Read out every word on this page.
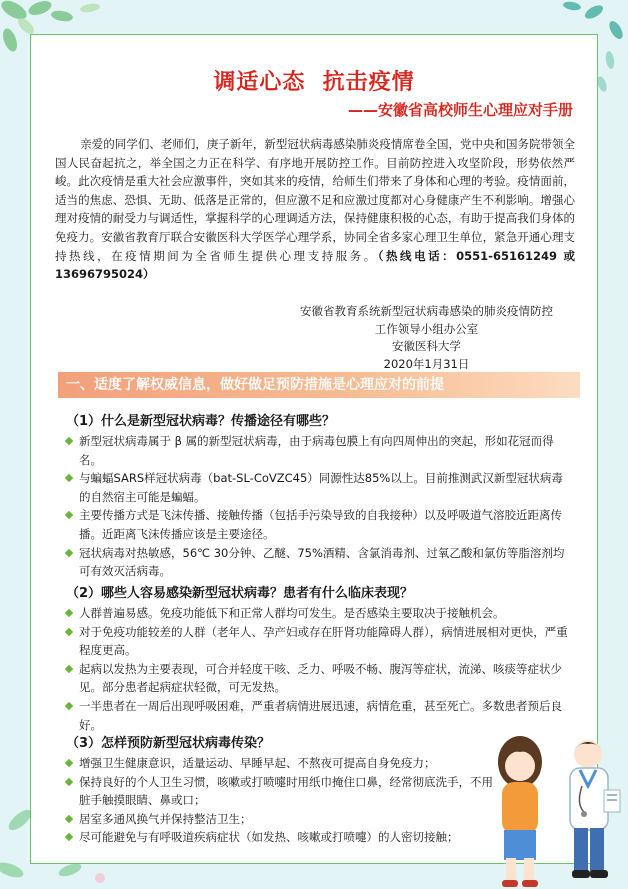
调适心态  抗击疫情
——安徽省高校师生心理应对手册

亲爱的同学们、老师们，庚子新年，新型冠状病毒感染肺炎疫情席卷全国，党中央和国务院带领全国人民奋起抗之，举全国之力正在科学、有序地开展防控工作。目前防控进入攻坚阶段，形势依然严峻。此次疫情是重大社会应激事件，突如其来的疫情，给师生们带来了身体和心理的考验。疫情面前，适当的焦虑、恐惧、无助、低落是正常的，但应激不足和应激过度都对心身健康产生不利影响。增强心理对疫情的耐受力与调适性，掌握科学的心理调适方法，保持健康积极的心态，有助于提高我们身体的免疫力。安徽省教育厅联合安徽医科大学医学心理学系，协同全省多家心理卫生单位，紧急开通心理支持热线，在疫情期间为全省师生提供心理支持服务。（热线电话：0551-65161249 或 13696795024）

安徽省教育系统新型冠状病毒感染的肺炎疫情防控
工作领导小组办公室
安徽医科大学
2020年1月31日
一、适度了解权威信息，做好做足预防措施是心理应对的前提
（1）什么是新型冠状病毒？传播途径有哪些？
新型冠状病毒属于 β 属的新型冠状病毒，由于病毒包膜上有向四周伸出的突起，形如花冠而得名。
与蝙蝠SARS样冠状病毒（bat-SL-CoVZC45）同源性达85%以上。目前推测武汉新型冠状病毒的自然宿主可能是蝙蝠。
主要传播方式是飞沫传播、接触传播（包括手污染导致的自我接种）以及呼吸道气溶胶近距离传播。近距离飞沫传播应该是主要途径。
冠状病毒对热敏感，56℃ 30分钟、乙醚、75%酒精、含氯消毒剂、过氧乙酸和氯仿等脂溶剂均可有效灭活病毒。
（2）哪些人容易感染新型冠状病毒？患者有什么临床表现？
人群普遍易感。免疫功能低下和正常人群均可发生。是否感染主要取决于接触机会。
对于免疫功能较差的人群（老年人、孕产妇或存在肝肾功能障碍人群），病情进展相对更快，严重程度更高。
起病以发热为主要表现，可合并轻度干咳、乏力、呼吸不畅、腹泻等症状，流涕、咳痰等症状少见。部分患者起病症状轻微，可无发热。
一半患者在一周后出现呼吸困难，严重者病情进展迅速，病情危重，甚至死亡。多数患者预后良好。
（3）怎样预防新型冠状病毒传染？
增强卫生健康意识，适量运动、早睡早起、不熬夜可提高自身免疫力；
保持良好的个人卫生习惯，咳嗽或打喷嚏时用纸巾掩住口鼻，经常彻底洗手，不用脏手触摸眼睛、鼻或口；
居室多通风换气并保持整洁卫生；
尽可能避免与有呼吸道疾病症状（如发热、咳嗽或打喷嚏）的人密切接触；
